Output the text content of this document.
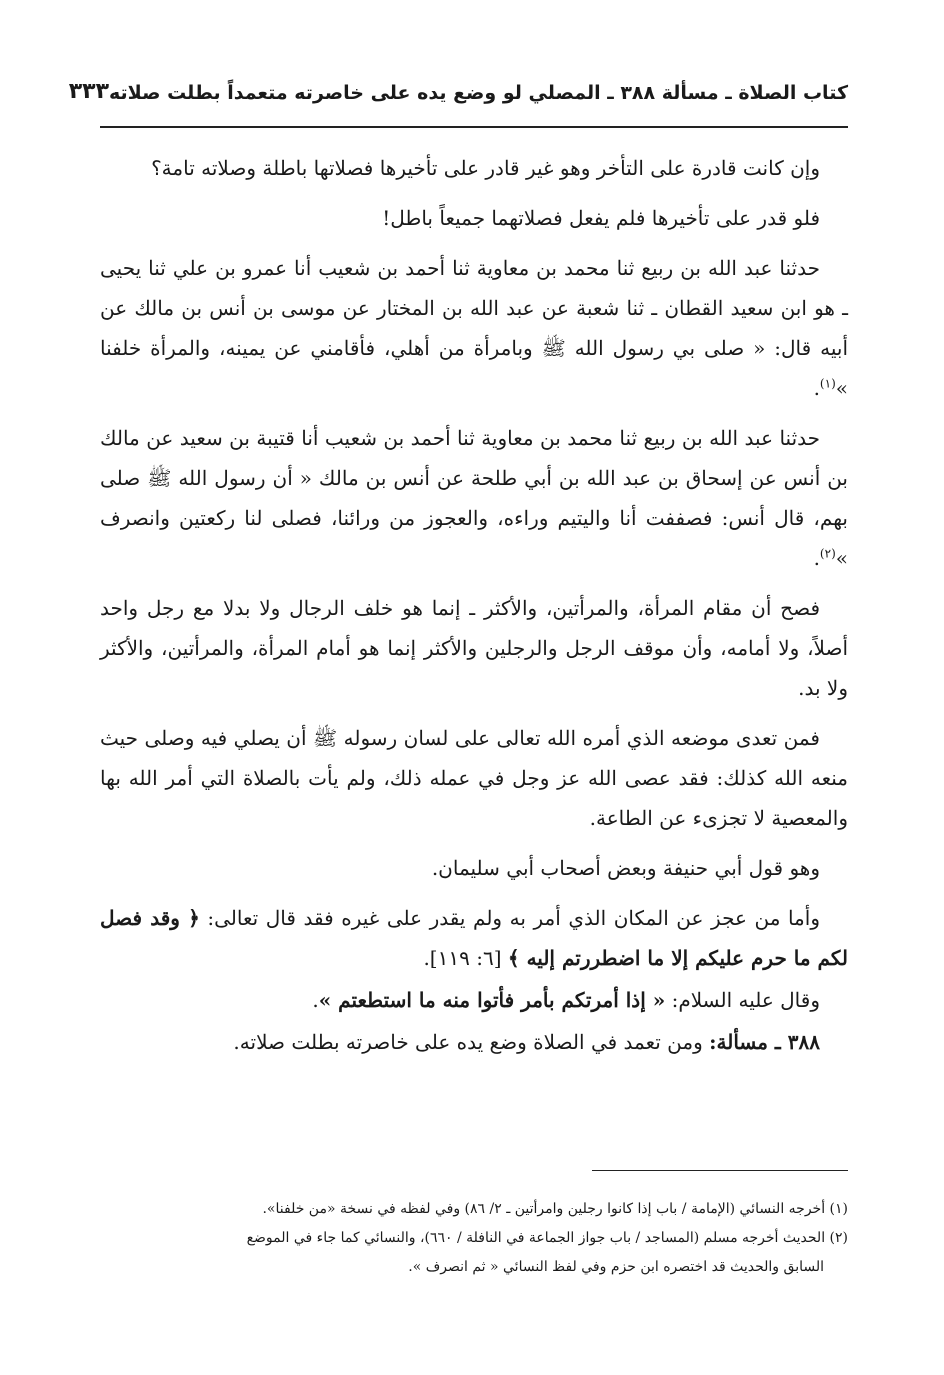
كتاب الصلاة ـ مسألة ٣٨٨ ـ المصلي لو وضع يده على خاصرته متعمداً بطلت صلاته
٣٣٣

وإن كانت قادرة على التأخر وهو غير قادر على تأخيرها فصلاتها باطلة وصلاته تامة؟

فلو قدر على تأخيرها فلم يفعل فصلاتهما جميعاً باطل!

حدثنا عبد الله بن ربيع ثنا محمد بن معاوية ثنا أحمد بن شعيب أنا عمرو بن علي ثنا يحيى ـ هو ابن سعيد القطان ـ ثنا شعبة عن عبد الله بن المختار عن موسى بن أنس بن مالك عن أبيه قال: « صلى بي رسول الله ﷺ وبامرأة من أهلي، فأقامني عن يمينه، والمرأة خلفنا »$^{(١)}$.

حدثنا عبد الله بن ربيع ثنا محمد بن معاوية ثنا أحمد بن شعيب أنا قتيبة بن سعيد عن مالك بن أنس عن إسحاق بن عبد الله بن أبي طلحة عن أنس بن مالك « أن رسول الله ﷺ صلى بهم، قال أنس: فصففت أنا واليتيم وراءه، والعجوز من ورائنا، فصلى لنا ركعتين وانصرف »$^{(٢)}$.

فصح أن مقام المرأة، والمرأتين، والأكثر ـ إنما هو خلف الرجال ولا بدلا مع رجل واحد أصلاً، ولا أمامه، وأن موقف الرجل والرجلين والأكثر إنما هو أمام المرأة، والمرأتين، والأكثر ولا بد.

فمن تعدى موضعه الذي أمره الله تعالى على لسان رسوله ﷺ أن يصلي فيه وصلى حيث منعه الله كذلك: فقد عصى الله عز وجل في عمله ذلك، ولم يأت بالصلاة التي أمر الله بها والمعصية لا تجزىء عن الطاعة.

وهو قول أبي حنيفة وبعض أصحاب أبي سليمان.

وأما من عجز عن المكان الذي أمر به ولم يقدر على غيره فقد قال تعالى: ﴿ وقد فصل لكم ما حرم عليكم إلا ما اضطررتم إليه ﴾ [٦: ١١٩].

وقال عليه السلام: « إذا أمرتكم بأمر فأتوا منه ما استطعتم ».

٣٨٨ ـ مسألة: ومن تعمد في الصلاة وضع يده على خاصرته بطلت صلاته.

(١) أخرجه النسائي (الإمامة / باب إذا كانوا رجلين وامرأتين ـ ٢/ ٨٦) وفي لفظه في نسخة «من خلفنا».

(٢) الحديث أخرجه مسلم (المساجد / باب جواز الجماعة في النافلة / ٦٦٠)، والنسائي كما جاء في الموضع

السابق والحديث قد اختصره ابن حزم وفي لفظ النسائي « ثم انصرف ».
